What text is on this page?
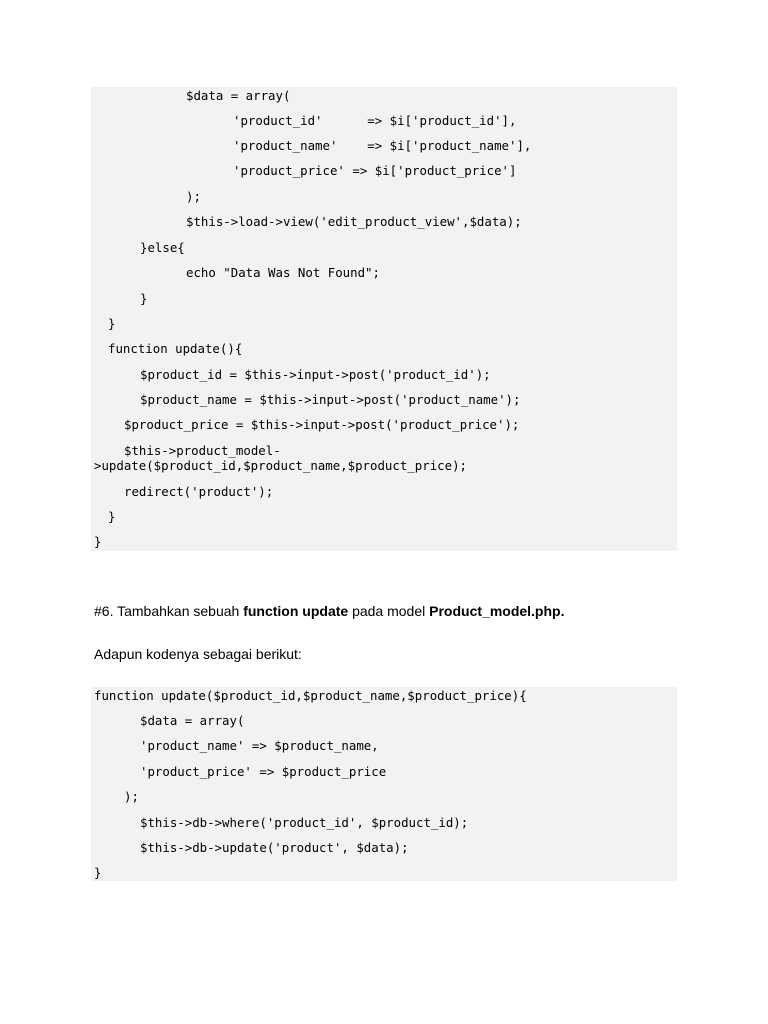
$data = array(
'product_id'      => $i['product_id'],
'product_name'    => $i['product_name'],
'product_price' => $i['product_price']
);
$this->load->view('edit_product_view',$data);
}else{
echo "Data Was Not Found";
}
}
function update(){
$product_id = $this->input->post('product_id');
$product_name = $this->input->post('product_name');
$product_price = $this->input->post('product_price');
$this->product_model-
>update($product_id,$product_name,$product_price);
redirect('product');
}
}
#6. Tambahkan sebuah function update pada model Product_model.php.
Adapun kodenya sebagai berikut:
function update($product_id,$product_name,$product_price){
$data = array(
'product_name' => $product_name,
'product_price' => $product_price
);
$this->db->where('product_id', $product_id);
$this->db->update('product', $data);
}
